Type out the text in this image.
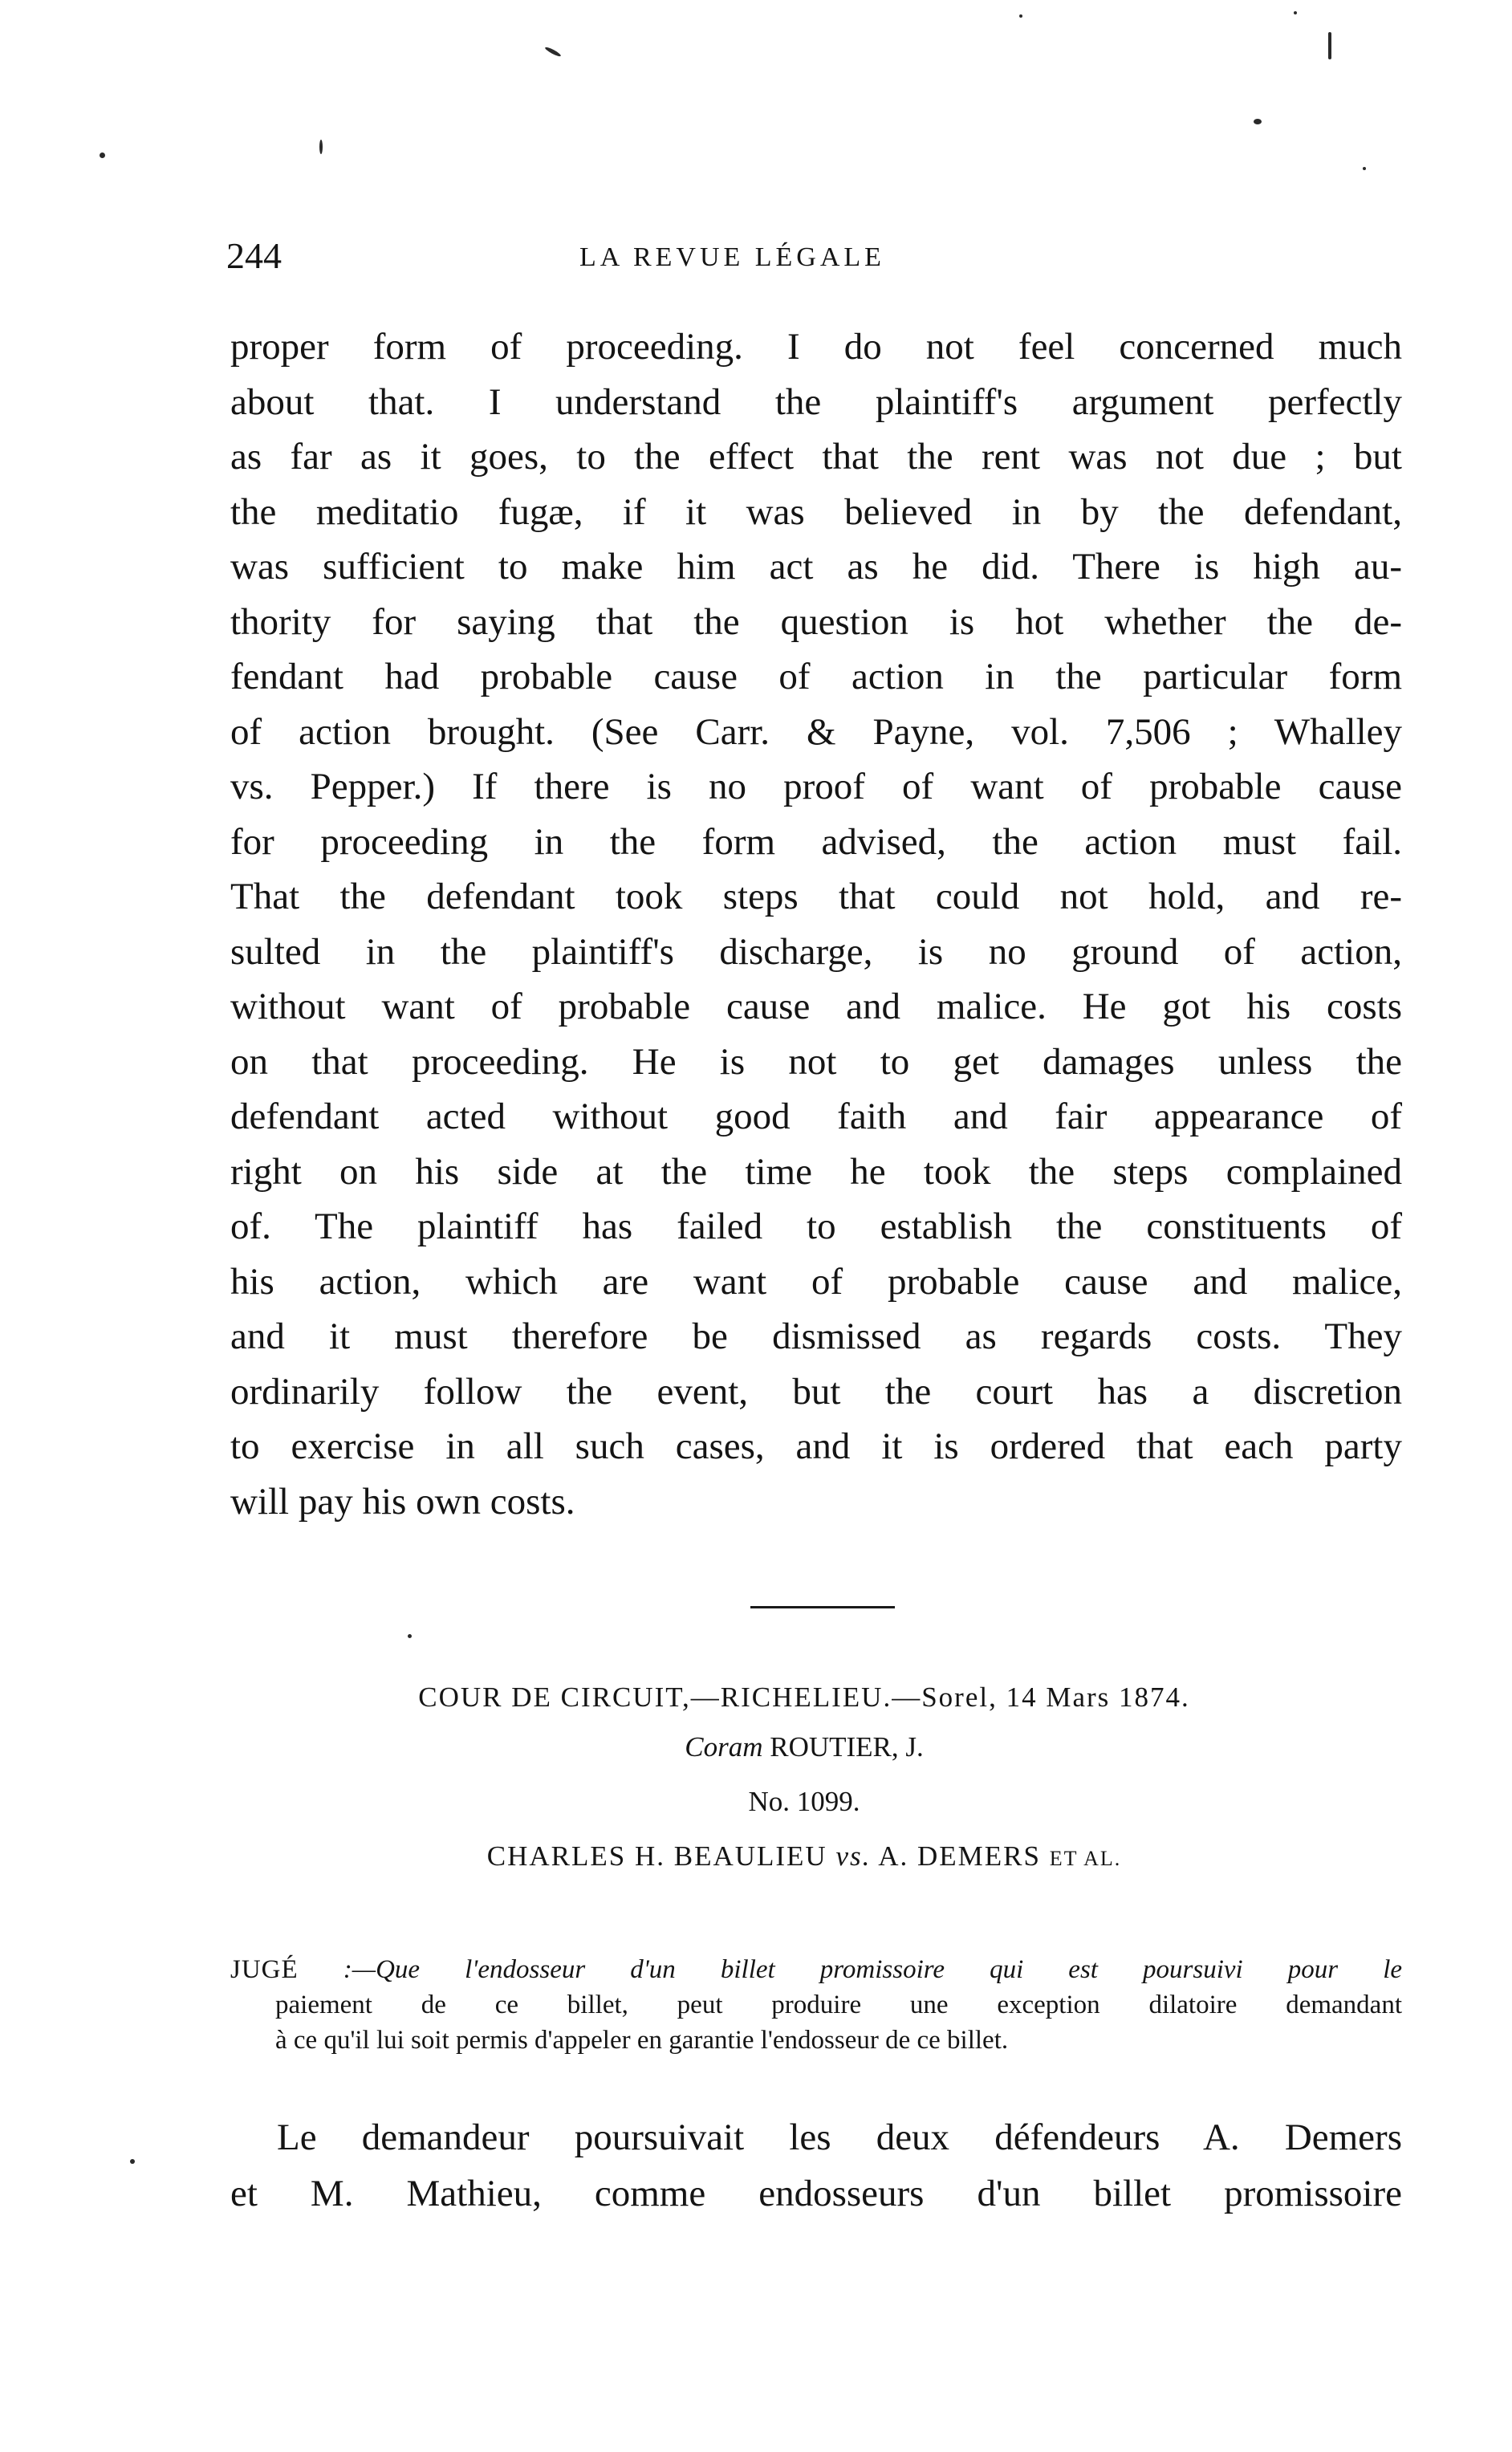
244	LA REVUE LÉGALE
proper form of proceeding. I do not feel concerned much
about that. I understand the plaintiff's argument perfectly
as far as it goes, to the effect that the rent was not due ; but
the meditatio fugæ, if it was believed in by the defendant,
was sufficient to make him act as he did. There is high au-
thority for saying that the question is hot whether the de-
fendant had probable cause of action in the particular form
of action brought. (See Carr. & Payne, vol. 7,506 ; Whalley
vs. Pepper.) If there is no proof of want of probable cause
for proceeding in the form advised, the action must fail.
That the defendant took steps that could not hold, and re-
sulted in the plaintiff's discharge, is no ground of action,
without want of probable cause and malice. He got his costs
on that proceeding. He is not to get damages unless the
defendant acted without good faith and fair appearance of
right on his side at the time he took the steps complained
of. The plaintiff has failed to establish the constituents of
his action, which are want of probable cause and malice,
and it must therefore be dismissed as regards costs. They
ordinarily follow the event, but the court has a discretion
to exercise in all such cases, and it is ordered that each party
will pay his own costs.

COUR DE CIRCUIT,—RICHELIEU.—Sorel, 14 Mars 1874.

Coram ROUTIER, J.

No. 1099.

CHARLES H. BEAULIEU vs. A. DEMERS ET AL.

JUGÉ :—Que l'endosseur d'un billet promissoire qui est poursuivi pour le
paiement de ce billet, peut produire une exception dilatoire demandant
à ce qu'il lui soit permis d'appeler en garantie l'endosseur de ce billet.
Le demandeur poursuivait les deux défendeurs A. Demers
et M. Mathieu, comme endosseurs d'un billet promissoire
